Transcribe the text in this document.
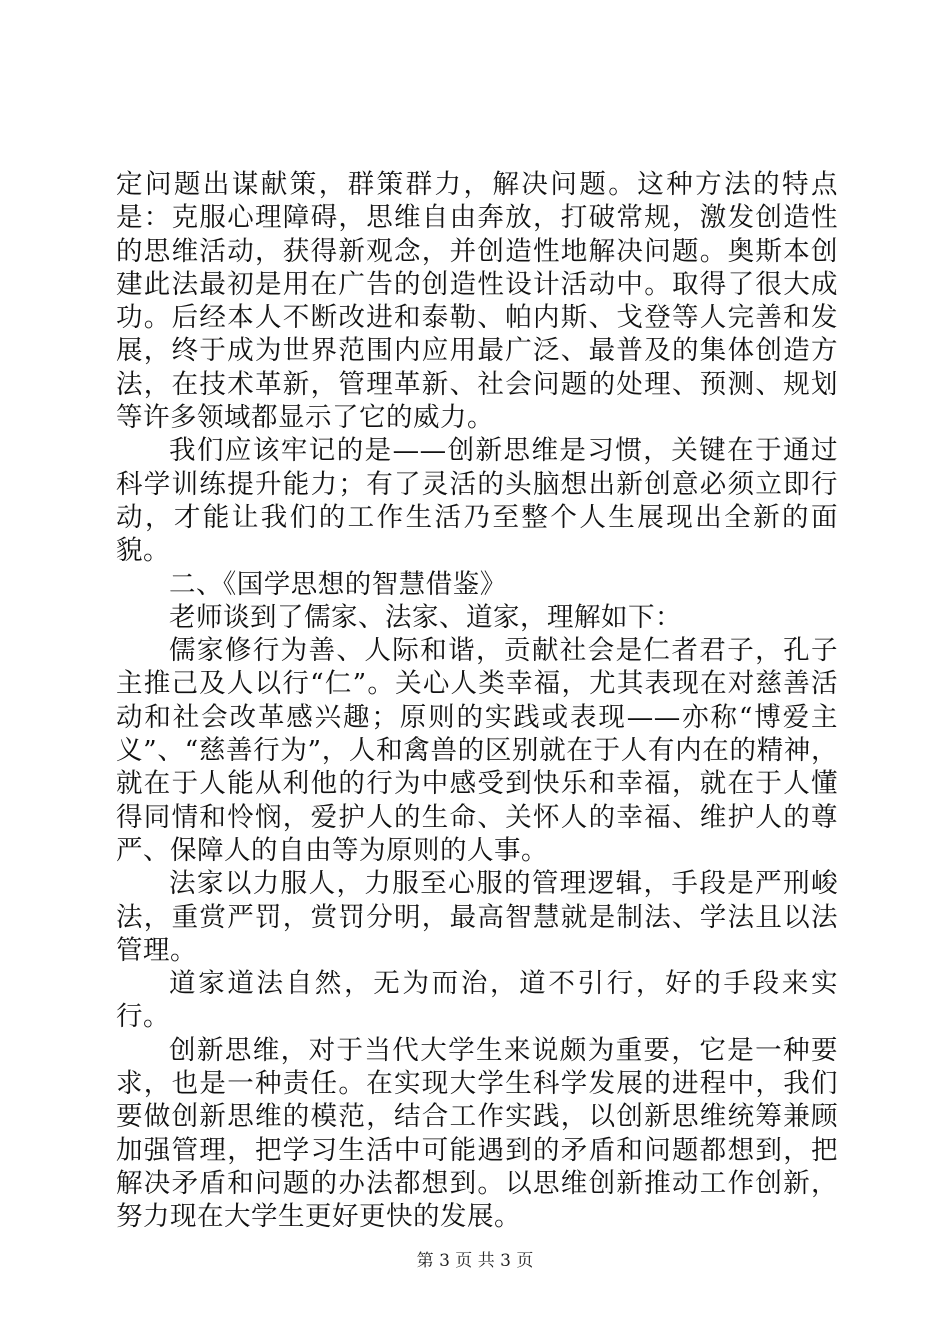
定问题出谋献策，群策群力，解决问题。这种方法的特点是：克服心理障碍，思维自由奔放，打破常规，激发创造性的思维活动，获得新观念，并创造性地解决问题。奥斯本创建此法最初是用在广告的创造性设计活动中。取得了很大成功。后经本人不断改进和泰勒、帕内斯、戈登等人完善和发展，终于成为世界范围内应用最广泛、最普及的集体创造方法，在技术革新，管理革新、社会问题的处理、预测、规划等许多领域都显示了它的威力。

我们应该牢记的是——创新思维是习惯，关键在于通过科学训练提升能力；有了灵活的头脑想出新创意必须立即行动，才能让我们的工作生活乃至整个人生展现出全新的面貌。

二、《国学思想的智慧借鉴》

老师谈到了儒家、法家、道家，理解如下：

儒家修行为善、人际和谐，贡献社会是仁者君子，孔子主推己及人以行“仁”。关心人类幸福，尤其表现在对慈善活动和社会改革感兴趣；原则的实践或表现——亦称“博爱主义”、“慈善行为”，人和禽兽的区别就在于人有内在的精神，就在于人能从利他的行为中感受到快乐和幸福，就在于人懂得同情和怜悯，爱护人的生命、关怀人的幸福、维护人的尊严、保障人的自由等为原则的人事。

法家以力服人，力服至心服的管理逻辑，手段是严刑峻法，重赏严罚，赏罚分明，最高智慧就是制法、学法且以法管理。

道家道法自然，无为而治，道不引行，好的手段来实行。

创新思维，对于当代大学生来说颇为重要，它是一种要求，也是一种责任。在实现大学生科学发展的进程中，我们要做创新思维的模范，结合工作实践，以创新思维统筹兼顾加强管理，把学习生活中可能遇到的矛盾和问题都想到，把解决矛盾和问题的办法都想到。以思维创新推动工作创新，努力现在大学生更好更快的发展。

第 3 页 共 3 页
